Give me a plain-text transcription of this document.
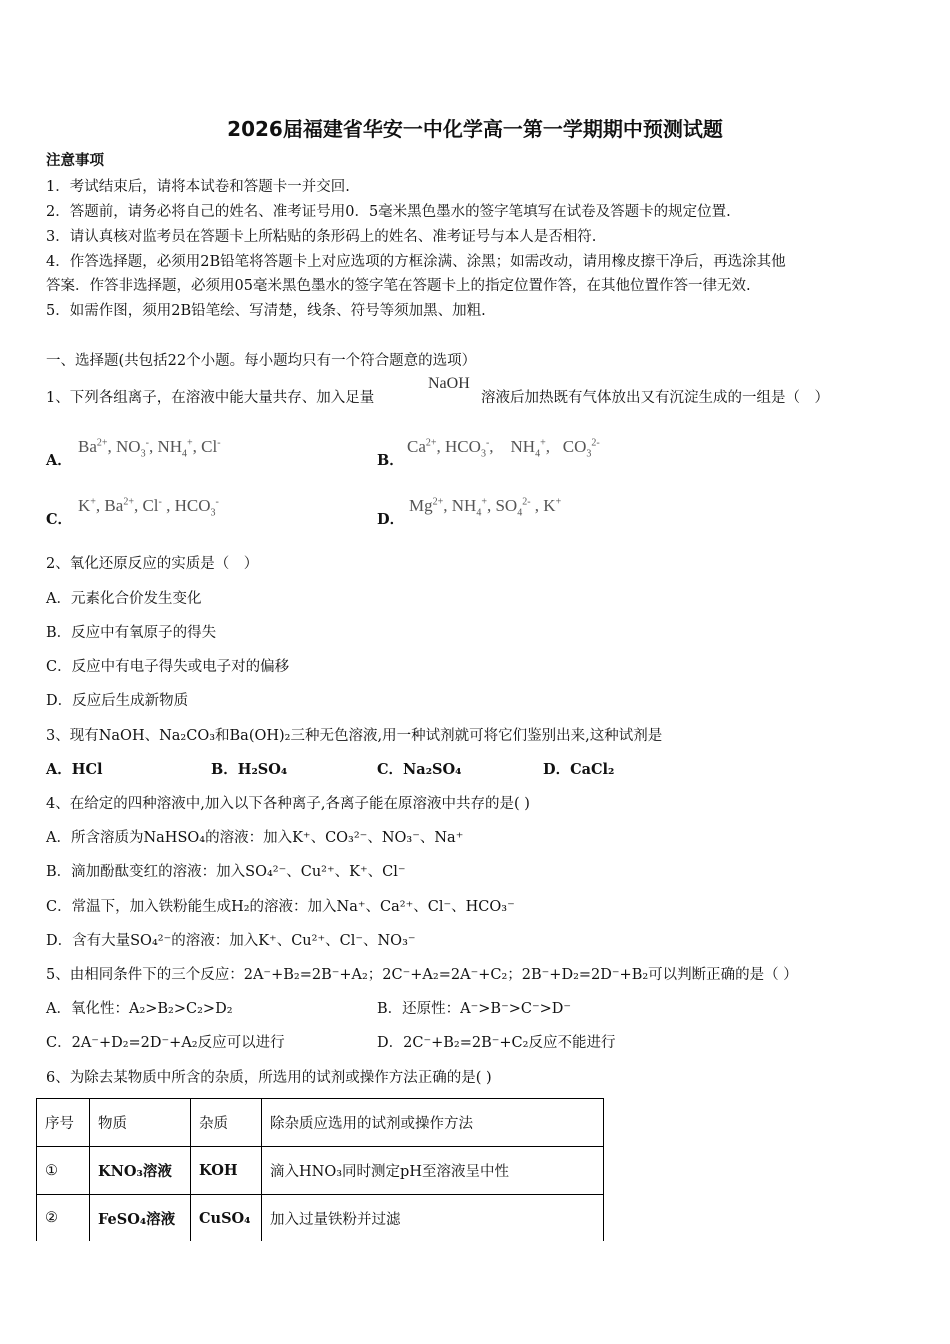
2026届福建省华安一中化学高一第一学期期中预测试题
注意事项
1．考试结束后，请将本试卷和答题卡一并交回.
2．答题前，请务必将自己的姓名、准考证号用0．5毫米黑色墨水的签字笔填写在试卷及答题卡的规定位置.
3．请认真核对监考员在答题卡上所粘贴的条形码上的姓名、准考证号与本人是否相符.
4．作答选择题，必须用2B铅笔将答题卡上对应选项的方框涂满、涂黑；如需改动，请用橡皮擦干净后，再选涂其他
答案．作答非选择题，必须用05毫米黑色墨水的签字笔在答题卡上的指定位置作答，在其他位置作答一律无效.
5．如需作图，须用2B铅笔绘、写清楚，线条、符号等须加黑、加粗.
一、选择题(共包括22个小题。每小题均只有一个符合题意的选项）
1、下列各组离子，在溶液中能大量共存、加入足量
NaOH
溶液后加热既有气体放出又有沉淀生成的一组是（　）
A．
$Ba^{2+}$, $NO_3^-$, $NH_4^+$, Cl-
B．
$Ca^{2+}$, $HCO_3^-$,    $NH_4^+$,   $CO_3^{2-}$
C．
K+, $Ba^{2+}$, Cl- , $HCO_3^-$
D．
$Mg^{2+}$, $NH_4^+$, $SO_4^{2-}$ , K+
2、氧化还原反应的实质是（　）
A．元素化合价发生变化
B．反应中有氧原子的得失
C．反应中有电子得失或电子对的偏移
D．反应后生成新物质
3、现有NaOH、Na₂CO₃和Ba(OH)₂三种无色溶液,用一种试剂就可将它们鉴别出来,这种试剂是
A．HCl	B．H₂SO₄	C．Na₂SO₄	D．CaCl₂
4、在给定的四种溶液中,加入以下各种离子,各离子能在原溶液中共存的是( )
A．所含溶质为NaHSO₄的溶液：加入K⁺、CO₃²⁻、NO₃⁻、Na⁺
B．滴加酚酞变红的溶液：加入SO₄²⁻、Cu²⁺、K⁺、Cl⁻
C．常温下，加入铁粉能生成H₂的溶液：加入Na⁺、Ca²⁺、Cl⁻、HCO₃⁻
D．含有大量SO₄²⁻的溶液：加入K⁺、Cu²⁺、Cl⁻、NO₃⁻
5、由相同条件下的三个反应：2A⁻+B₂=2B⁻+A₂；2C⁻+A₂=2A⁻+C₂；2B⁻+D₂=2D⁻+B₂可以判断正确的是（ ）
A．氧化性：A₂>B₂>C₂>D₂	B．还原性：A⁻>B⁻>C⁻>D⁻
C．2A⁻+D₂=2D⁻+A₂反应可以进行	D．2C⁻+B₂=2B⁻+C₂反应不能进行
6、为除去某物质中所含的杂质，所选用的试剂或操作方法正确的是( )
序号	物质	杂质	除杂质应选用的试剂或操作方法
①	KNO₃溶液	KOH	滴入HNO₃同时测定pH至溶液呈中性
②	FeSO₄溶液	CuSO₄	加入过量铁粉并过滤
